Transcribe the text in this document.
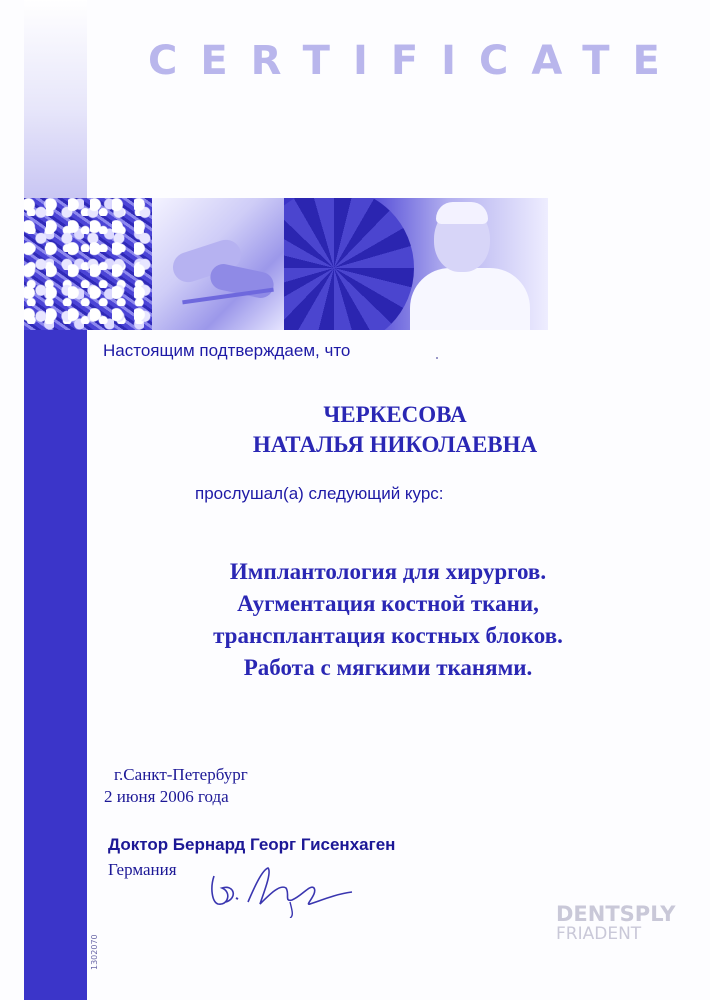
CERTIFICATE
Настоящим подтверждаем, что
ЧЕРКЕСОВА
НАТАЛЬЯ НИКОЛАЕВНА
прослушал(а) следующий курс:
Имплантология для хирургов.
Аугментация костной ткани,
трансплантация костных блоков.
Работа с мягкими тканями.
г.Санкт-Петербург
2 июня 2006 года
Доктор Бернард Георг Гисенхаген
Германия
DENTSPLY
FRIADENT
1302070
